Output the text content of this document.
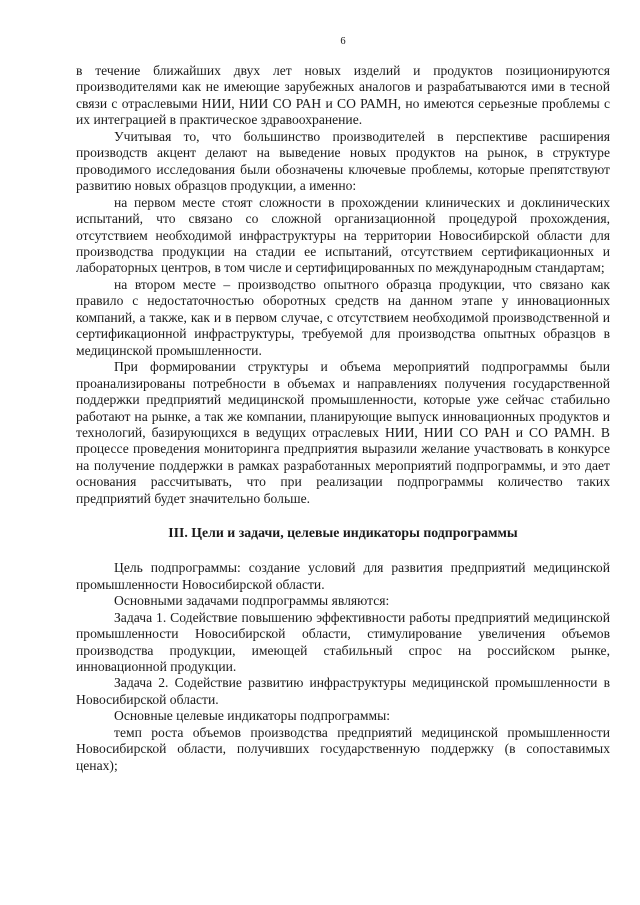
6

в течение ближайших двух лет новых изделий и продуктов позиционируются производителями как не имеющие зарубежных аналогов и разрабатываются ими в тесной связи с отраслевыми НИИ, НИИ СО РАН и СО РАМН, но имеются серьезные проблемы с их интеграцией в практическое здравоохранение.

Учитывая то, что большинство производителей в перспективе расширения производств акцент делают на выведение новых продуктов на рынок, в структуре проводимого исследования были обозначены ключевые проблемы, которые препятствуют развитию новых образцов продукции, а именно:

на первом месте стоят сложности в прохождении клинических и доклинических испытаний, что связано со сложной организационной процедурой прохождения, отсутствием необходимой инфраструктуры на территории Новосибирской области для производства продукции на стадии ее испытаний, отсутствием сертификационных и лабораторных центров, в том числе и сертифицированных по международным стандартам;

на втором месте – производство опытного образца продукции, что связано как правило с недостаточностью оборотных средств на данном этапе у инновационных компаний, а также, как и в первом случае, с отсутствием необходимой производственной и сертификационной инфраструктуры, требуемой для производства опытных образцов в медицинской промышленности.

При формировании структуры и объема мероприятий подпрограммы были проанализированы потребности в объемах и направлениях получения государственной поддержки предприятий медицинской промышленности, которые уже сейчас стабильно работают на рынке, а так же компании, планирующие выпуск инновационных продуктов и технологий, базирующихся в ведущих отраслевых НИИ, НИИ СО РАН и СО РАМН. В процессе проведения мониторинга предприятия выразили желание участвовать в конкурсе на получение поддержки в рамках разработанных мероприятий подпрограммы, и это дает основания рассчитывать, что при реализации подпрограммы количество таких предприятий будет значительно больше.

III. Цели и задачи, целевые индикаторы подпрограммы

Цель подпрограммы: создание условий для развития предприятий медицинской промышленности Новосибирской области.

Основными задачами подпрограммы являются:

Задача 1. Содействие повышению эффективности работы предприятий медицинской промышленности Новосибирской области, стимулирование увеличения объемов производства продукции, имеющей стабильный спрос на российском рынке, инновационной продукции.

Задача 2. Содействие развитию инфраструктуры медицинской промышленности в Новосибирской области.

Основные целевые индикаторы подпрограммы:

темп роста объемов производства предприятий медицинской промышленности Новосибирской области, получивших государственную поддержку (в сопоставимых ценах);
